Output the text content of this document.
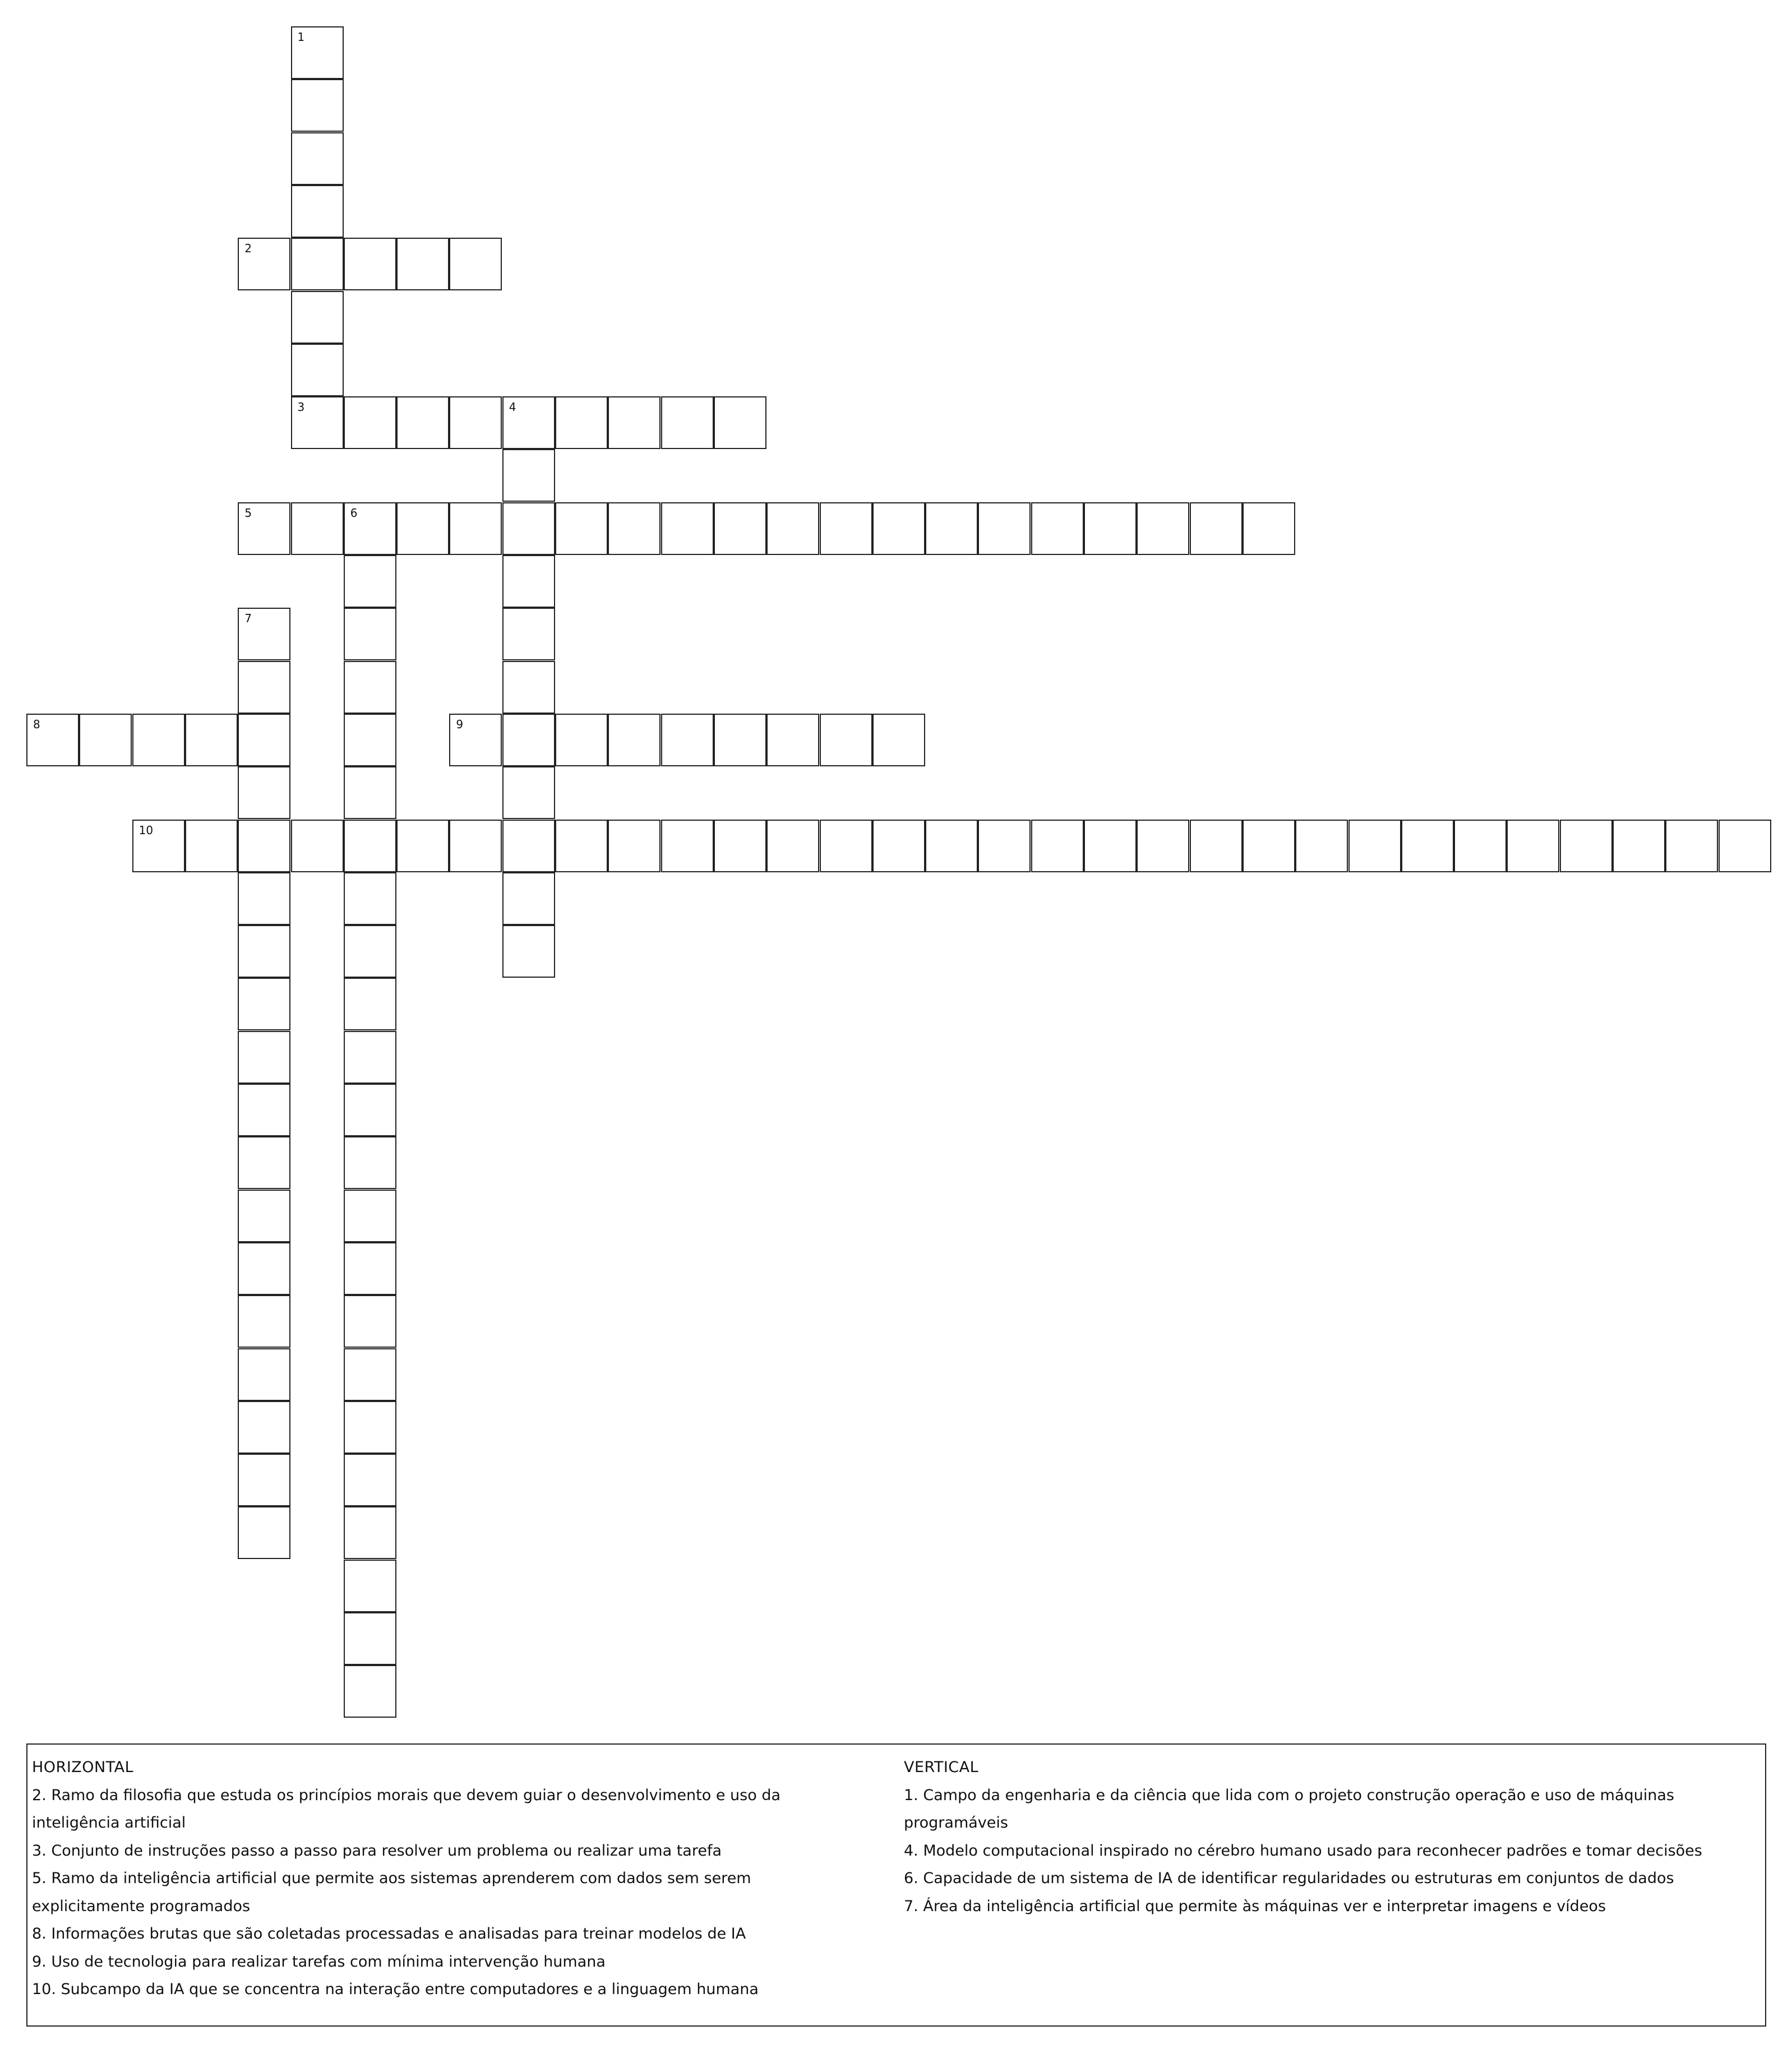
1
3
2
4
5	6
7
8	9
10
HORIZONTAL
2. Ramo da filosofia que estuda os princípios morais que devem guiar o desenvolvimento e uso da inteligência artificial
3. Conjunto de instruções passo a passo para resolver um problema ou realizar uma tarefa
5. Ramo da inteligência artificial que permite aos sistemas aprenderem com dados sem serem explicitamente programados
8. Informações brutas que são coletadas processadas e analisadas para treinar modelos de IA
9. Uso de tecnologia para realizar tarefas com mínima intervenção humana
10. Subcampo da IA que se concentra na interação entre computadores e a linguagem humana
VERTICAL
1. Campo da engenharia e da ciência que lida com o projeto construção operação e uso de máquinas programáveis
4. Modelo computacional inspirado no cérebro humano usado para reconhecer padrões e tomar decisões
6. Capacidade de um sistema de IA de identificar regularidades ou estruturas em conjuntos de dados
7. Área da inteligência artificial que permite às máquinas ver e interpretar imagens e vídeos
